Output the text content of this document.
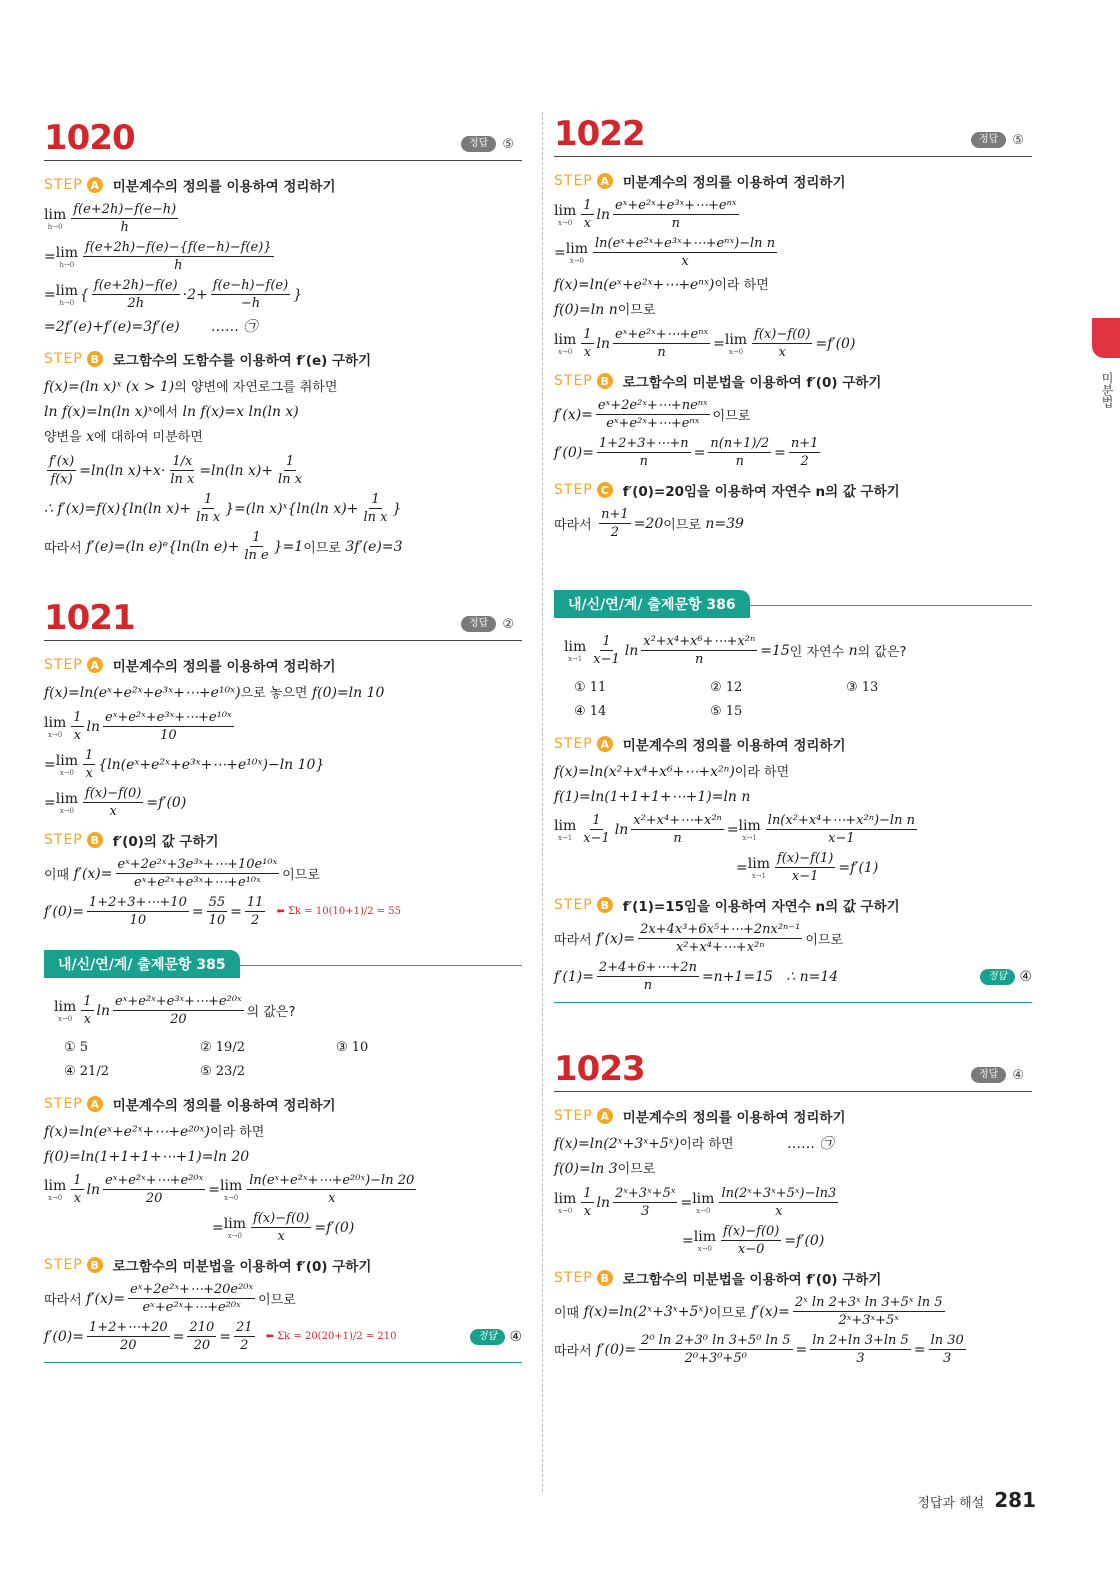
미분법
1020	정답	⑤
STEP A 미분계수의 정의를 이용하여 정리하기
lim
$h\to 0 \frac{f(e+2h)-f(e-h)}{h}$
= lim
$h\to 0 \frac{f(e+2h)-f(e)-\{f(e-h)-f(e)\}}{h}$
= lim
h→0 { $\frac{f(e+2h)-f(e)}{2h} \cdot 2+ \frac{f(e-h)-f(e)}{-h}$ }
=2f′(e)+f′(e)=3f′(e) …… ㉠
STEP B 로그함수의 도함수를 이용하여 f′(e) 구하기
f(x)=(ln x)ˣ (x > 1)의 양변에 자연로그를 취하면
ln f(x)=ln(ln x)ˣ에서 ln f(x)=x ln(ln x)
양변을 x에 대하여 미분하면
$\frac{f'(x)}{f(x)} =\ln(\ln$ $x)+x\cdot \frac{1/x}{\text{ln x}} =\ln(\ln$ $x)+ \frac{1}{\text{ln x}}$
∴ f′(x)=f(x){ln(ln $x)+ \frac{1}{\text{ln x}} \}=(\ln$ x)ˣ{ln(ln $x)+ \frac{1}{\text{ln x}}$ }
따라서
f′(e)=(ln e)ᵉ{ln(ln $e)+ \frac{1}{\text{ln e}} \}=1$ 이므로
3f′(e)=3
1021	정답	②
STEP A 미분계수의 정의를 이용하여 정리하기
f(x)=ln(eˣ+e²ˣ+e³ˣ+⋯+e¹⁰ˣ)으로 놓으면 f(0)=ln 10
lim
$x\to 0 \frac{1}{x}$ $\ln \frac{\text{eˣ+e²ˣ+e³ˣ+⋯+e¹⁰ˣ}}{10}$
= lim
$x\to 0 \frac{1}{x}$ {ln(eˣ+e²ˣ+e³ˣ+⋯+e¹⁰ˣ)−ln 10}
= lim
$x\to 0 \frac{f(x)-f(0)}{x} =f'(0)$
STEP B f′(0)의 값 구하기
이때
$f'(x)= \frac{\text{eˣ+2e²ˣ+3e³ˣ+⋯+10e¹⁰ˣ}}{\text{eˣ+e²ˣ+e³ˣ+⋯+e¹⁰ˣ}}$ 이므로
$f'(0)= \frac{1+2+3+\cdots+10}{10} = \frac{55}{10} = \frac{11}{2}$ ⬅ Σk = 10(10+1)/2 = 55
내/신/연/계/ 출제문항 385
lim
$x\to 0 \frac{1}{x}$ $\ln \frac{\text{eˣ+e²ˣ+e³ˣ+⋯+e²⁰ˣ}}{20}$ 의 값은?
① 5	② 19/2	③ 10
④ 21/2	⑤ 23/2
STEP A 미분계수의 정의를 이용하여 정리하기
f(x)=ln(eˣ+e²ˣ+⋯+e²⁰ˣ)이라 하면
f(0)=ln(1+1+1+⋯+1)=ln 20
lim
$x\to 0 \frac{1}{x}$ $\ln \frac{\text{eˣ+e²ˣ+⋯+e²⁰ˣ}}{20} = \lim$
$x\to 0 \frac{\text{ln(eˣ+e²ˣ+⋯+e²⁰ˣ)−ln 20}}{x}$
= lim
$x\to 0 \frac{f(x)-f(0)}{x} =f'(0)$
STEP B 로그함수의 미분법을 이용하여 f′(0) 구하기
따라서
$f'(x)= \frac{\text{eˣ+2e²ˣ+⋯+20e²⁰ˣ}}{\text{eˣ+e²ˣ+⋯+e²⁰ˣ}}$ 이므로
$f'(0)= \frac{1+2+\cdots+20}{20} = \frac{210}{20} = \frac{21}{2}$ ⬅ Σk = 20(20+1)/2 = 210	정답
④
1022	정답	⑤
STEP A 미분계수의 정의를 이용하여 정리하기
lim
$x\to 0 \frac{1}{x}$ $\ln \frac{\text{eˣ+e²ˣ+e³ˣ+⋯+eⁿˣ}}{n}$
= lim
$x\to 0 \frac{\text{ln(eˣ+e²ˣ+e³ˣ+⋯+eⁿˣ)−ln n}}{x}$
f(x)=ln(eˣ+e²ˣ+⋯+eⁿˣ)이라 하면
f(0)=ln n이므로
lim
$x\to 0 \frac{1}{x}$ $\ln \frac{\text{eˣ+e²ˣ+⋯+eⁿˣ}}{n} = \lim$
$x\to 0 \frac{f(x)-f(0)}{x} =f'(0)$
STEP B 로그함수의 미분법을 이용하여 f′(0) 구하기
$f'(x)= \frac{\text{eˣ+2e²ˣ+⋯+neⁿˣ}}{\text{eˣ+e²ˣ+⋯+eⁿˣ}}$ 이므로
$f'(0)= \frac{1+2+3+\cdots+n}{n} = \frac{n(n+1)/2}{n} = \frac{n+1}{2}$
STEP C f′(0)=20임을 이용하여 자연수 n의 값 구하기
따라서
$\frac{n+1}{2} =20$ 이므로
n=39
내/신/연/계/ 출제문항 386
lim
$x\to 1 \frac{1}{x-1}$ $\ln \frac{\text{x²+x⁴+x⁶+⋯+x²ⁿ}}{n} =15$ 인 자연수
n 의 값은?
① 11	② 12	③ 13
④ 14	⑤ 15
STEP A 미분계수의 정의를 이용하여 정리하기
f(x)=ln(x²+x⁴+x⁶+⋯+x²ⁿ)이라 하면
f(1)=ln(1+1+1+⋯+1)=ln n
lim
$x\to 1 \frac{1}{x-1}$ $\ln \frac{\text{x²+x⁴+⋯+x²ⁿ}}{n} = \lim$
$x\to 1 \frac{\text{ln(x²+x⁴+⋯+x²ⁿ)−ln n}}{x-1}$
= lim
$x\to 1 \frac{f(x)-f(1)}{x-1} =f'(1)$
STEP B f′(1)=15임을 이용하여 자연수 n의 값 구하기
따라서
$f'(x)= \frac{\text{2x+4x³+6x⁵+⋯+2nx²ⁿ⁻¹}}{\text{x²+x⁴+⋯+x²ⁿ}}$ 이므로
$f'(1)= \frac{2+4+6+\cdots+2n}{n} =n+1=15$
∴ n=14	정답
④
1023	정답	④
STEP A 미분계수의 정의를 이용하여 정리하기
f(x)=ln(2ˣ+3ˣ+5ˣ)이라 하면	…… ㉠
f(0)=ln 3이므로
lim
$x\to 0 \frac{1}{x}$ $\ln \frac{\text{2ˣ+3ˣ+5ˣ}}{3} = \lim$
$x\to 0 \frac{\text{ln(2ˣ+3ˣ+5ˣ)−ln3}}{x}$
= lim
$x\to 0 \frac{f(x)-f(0)}{x-0} =f'(0)$
STEP B 로그함수의 미분법을 이용하여 f′(0) 구하기
이때
f(x)=ln(2ˣ+3ˣ+5ˣ) 이므로
$f'(x)= \frac{\text{2ˣ ln 2+3ˣ ln 3+5ˣ ln 5}}{\text{2ˣ+3ˣ+5ˣ}}$
따라서
$f'(0)= \frac{\text{2⁰ ln 2+3⁰ ln 3+5⁰ ln 5}}{\text{2⁰+3⁰+5⁰}} = \frac{\ln 2+\ln 3+\ln 5}{3} = \frac{\ln 30}{3}$
정답과 해설 281
